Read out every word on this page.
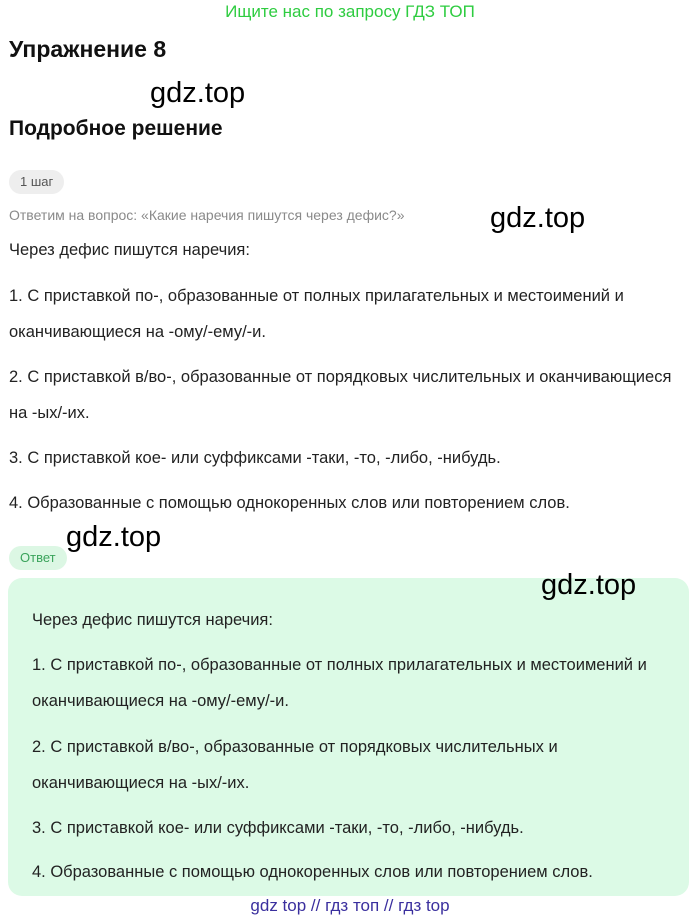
Ищите нас по запросу ГДЗ ТОП
Упражнение 8
gdz.top
Подробное решение
1 шаг
Ответим на вопрос: «Какие наречия пишутся через дефис?»	gdz.top
Через дефис пишутся наречия:
1. С приставкой по-, образованные от полных прилагательных и местоимений и оканчивающиеся на -ому/-ему/-и.
2. С приставкой в/во-, образованные от порядковых числительных и оканчивающиеся на -ых/-их.
3. С приставкой кое- или суффиксами -таки, -то, -либо, -нибудь.
4. Образованные с помощью однокоренных слов или повторением слов.
gdz.top
Ответ
Через дефис пишутся наречия:
1. С приставкой по-, образованные от полных прилагательных и местоимений и оканчивающиеся на -ому/-ему/-и.
2. С приставкой в/во-, образованные от порядковых числительных и оканчивающиеся на -ых/-их.
3. С приставкой кое- или суффиксами -таки, -то, -либо, -нибудь.
4. Образованные с помощью однокоренных слов или повторением слов.
gdz.top
gdz top // гдз топ // гдз top
